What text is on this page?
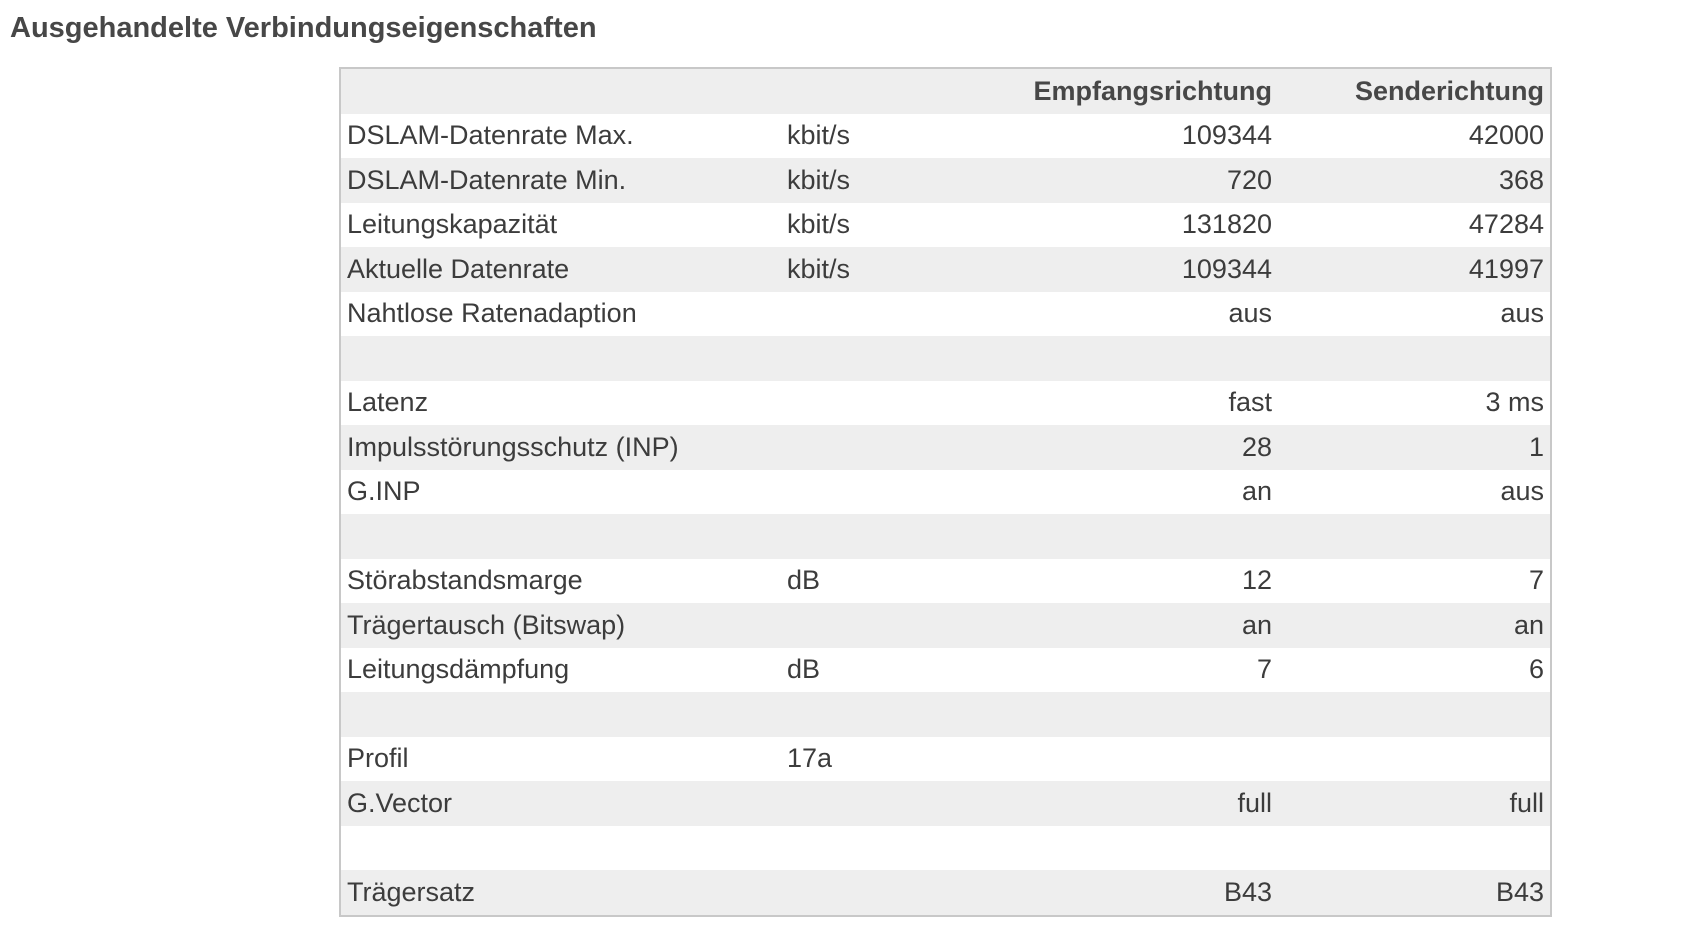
Ausgehandelte Verbindungseigenschaften
		Empfangsrichtung	Senderichtung
DSLAM-Datenrate Max.	kbit/s	109344	42000
DSLAM-Datenrate Min.	kbit/s	720	368
Leitungskapazität	kbit/s	131820	47284
Aktuelle Datenrate	kbit/s	109344	41997
Nahtlose Ratenadaption		aus	aus

Latenz		fast	3 ms
Impulsstörungsschutz (INP)		28	1
G.INP		an	aus

Störabstandsmarge	dB	12	7
Trägertausch (Bitswap)		an	an
Leitungsdämpfung	dB	7	6

Profil	17a		
G.Vector		full	full

Trägersatz		B43	B43
